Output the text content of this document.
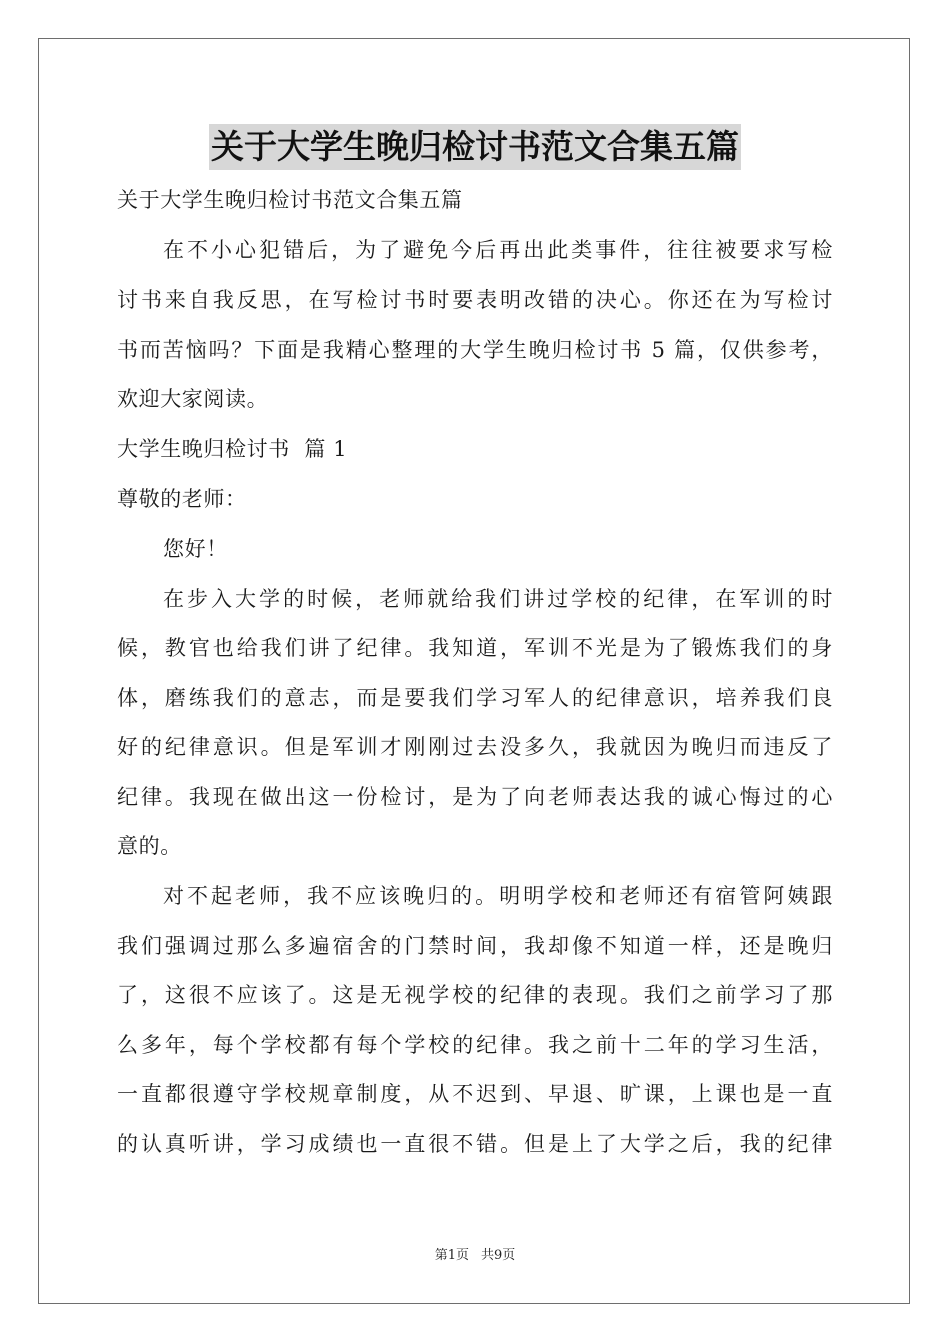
关于大学生晚归检讨书范文合集五篇
关于大学生晚归检讨书范文合集五篇
在不小心犯错后，为了避免今后再出此类事件，往往被要求写检
讨书来自我反思，在写检讨书时要表明改错的决心。你还在为写检讨
书而苦恼吗？下面是我精心整理的大学生晚归检讨书 5 篇，仅供参考，
欢迎大家阅读。
大学生晚归检讨书  篇 1
尊敬的老师：
您好！
在步入大学的时候，老师就给我们讲过学校的纪律，在军训的时
候，教官也给我们讲了纪律。我知道，军训不光是为了锻炼我们的身
体，磨练我们的意志，而是要我们学习军人的纪律意识，培养我们良
好的纪律意识。但是军训才刚刚过去没多久，我就因为晚归而违反了
纪律。我现在做出这一份检讨，是为了向老师表达我的诚心悔过的心
意的。
对不起老师，我不应该晚归的。明明学校和老师还有宿管阿姨跟
我们强调过那么多遍宿舍的门禁时间，我却像不知道一样，还是晚归
了，这很不应该了。这是无视学校的纪律的表现。我们之前学习了那
么多年，每个学校都有每个学校的纪律。我之前十二年的学习生活，
一直都很遵守学校规章制度，从不迟到、早退、旷课，上课也是一直
的认真听讲，学习成绩也一直很不错。但是上了大学之后，我的纪律
第1页 共9页
